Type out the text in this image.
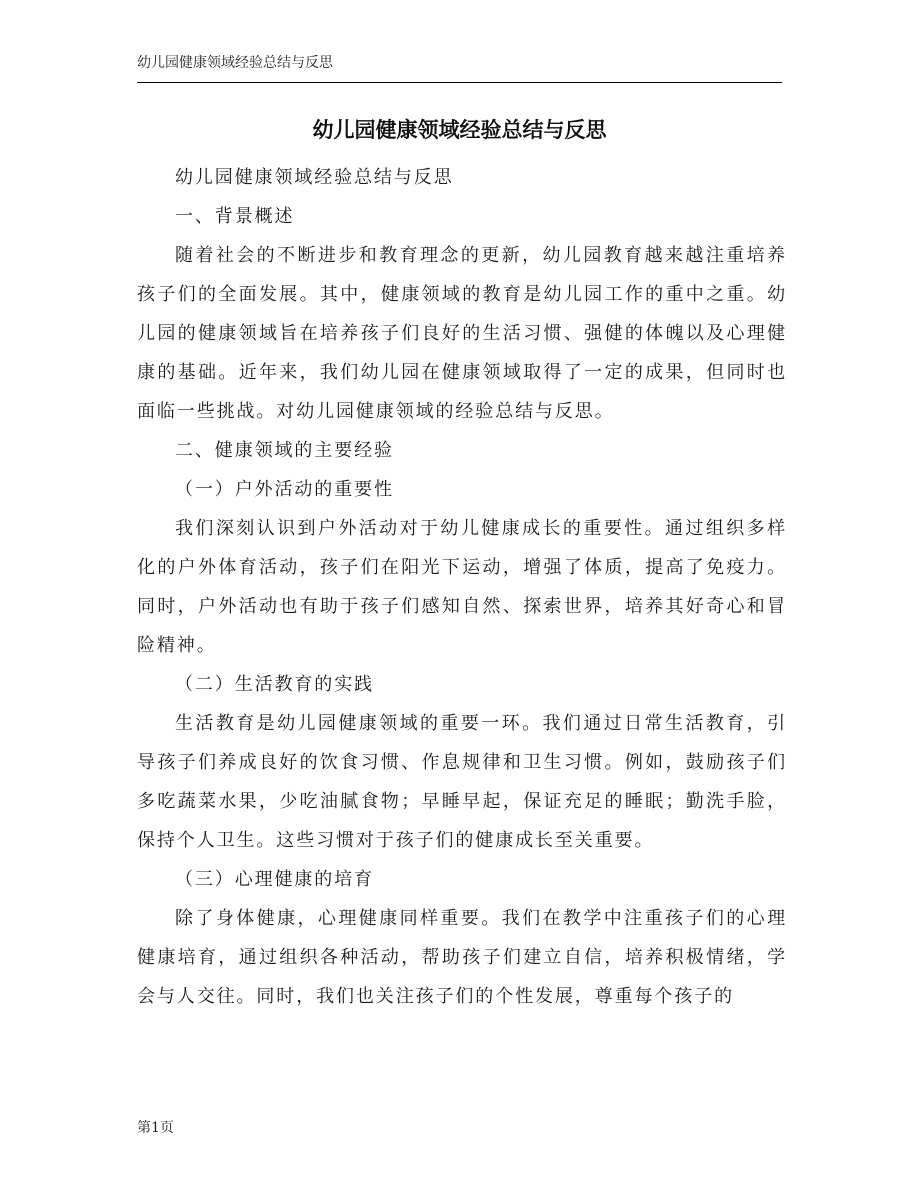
幼儿园健康领域经验总结与反思
幼儿园健康领域经验总结与反思

幼儿园健康领域经验总结与反思

一、背景概述

随着社会的不断进步和教育理念的更新，幼儿园教育越来越注重培养孩子们的全面发展。其中，健康领域的教育是幼儿园工作的重中之重。幼儿园的健康领域旨在培养孩子们良好的生活习惯、强健的体魄以及心理健康的基础。近年来，我们幼儿园在健康领域取得了一定的成果，但同时也面临一些挑战。对幼儿园健康领域的经验总结与反思。

二、健康领域的主要经验

（一）户外活动的重要性

我们深刻认识到户外活动对于幼儿健康成长的重要性。通过组织多样化的户外体育活动，孩子们在阳光下运动，增强了体质，提高了免疫力。同时，户外活动也有助于孩子们感知自然、探索世界，培养其好奇心和冒险精神。

（二）生活教育的实践

生活教育是幼儿园健康领域的重要一环。我们通过日常生活教育，引导孩子们养成良好的饮食习惯、作息规律和卫生习惯。例如，鼓励孩子们多吃蔬菜水果，少吃油腻食物；早睡早起，保证充足的睡眠；勤洗手脸，保持个人卫生。这些习惯对于孩子们的健康成长至关重要。

（三）心理健康的培育

除了身体健康，心理健康同样重要。我们在教学中注重孩子们的心理健康培育，通过组织各种活动，帮助孩子们建立自信，培养积极情绪，学会与人交往。同时，我们也关注孩子们的个性发展，尊重每个孩子的

第1页
